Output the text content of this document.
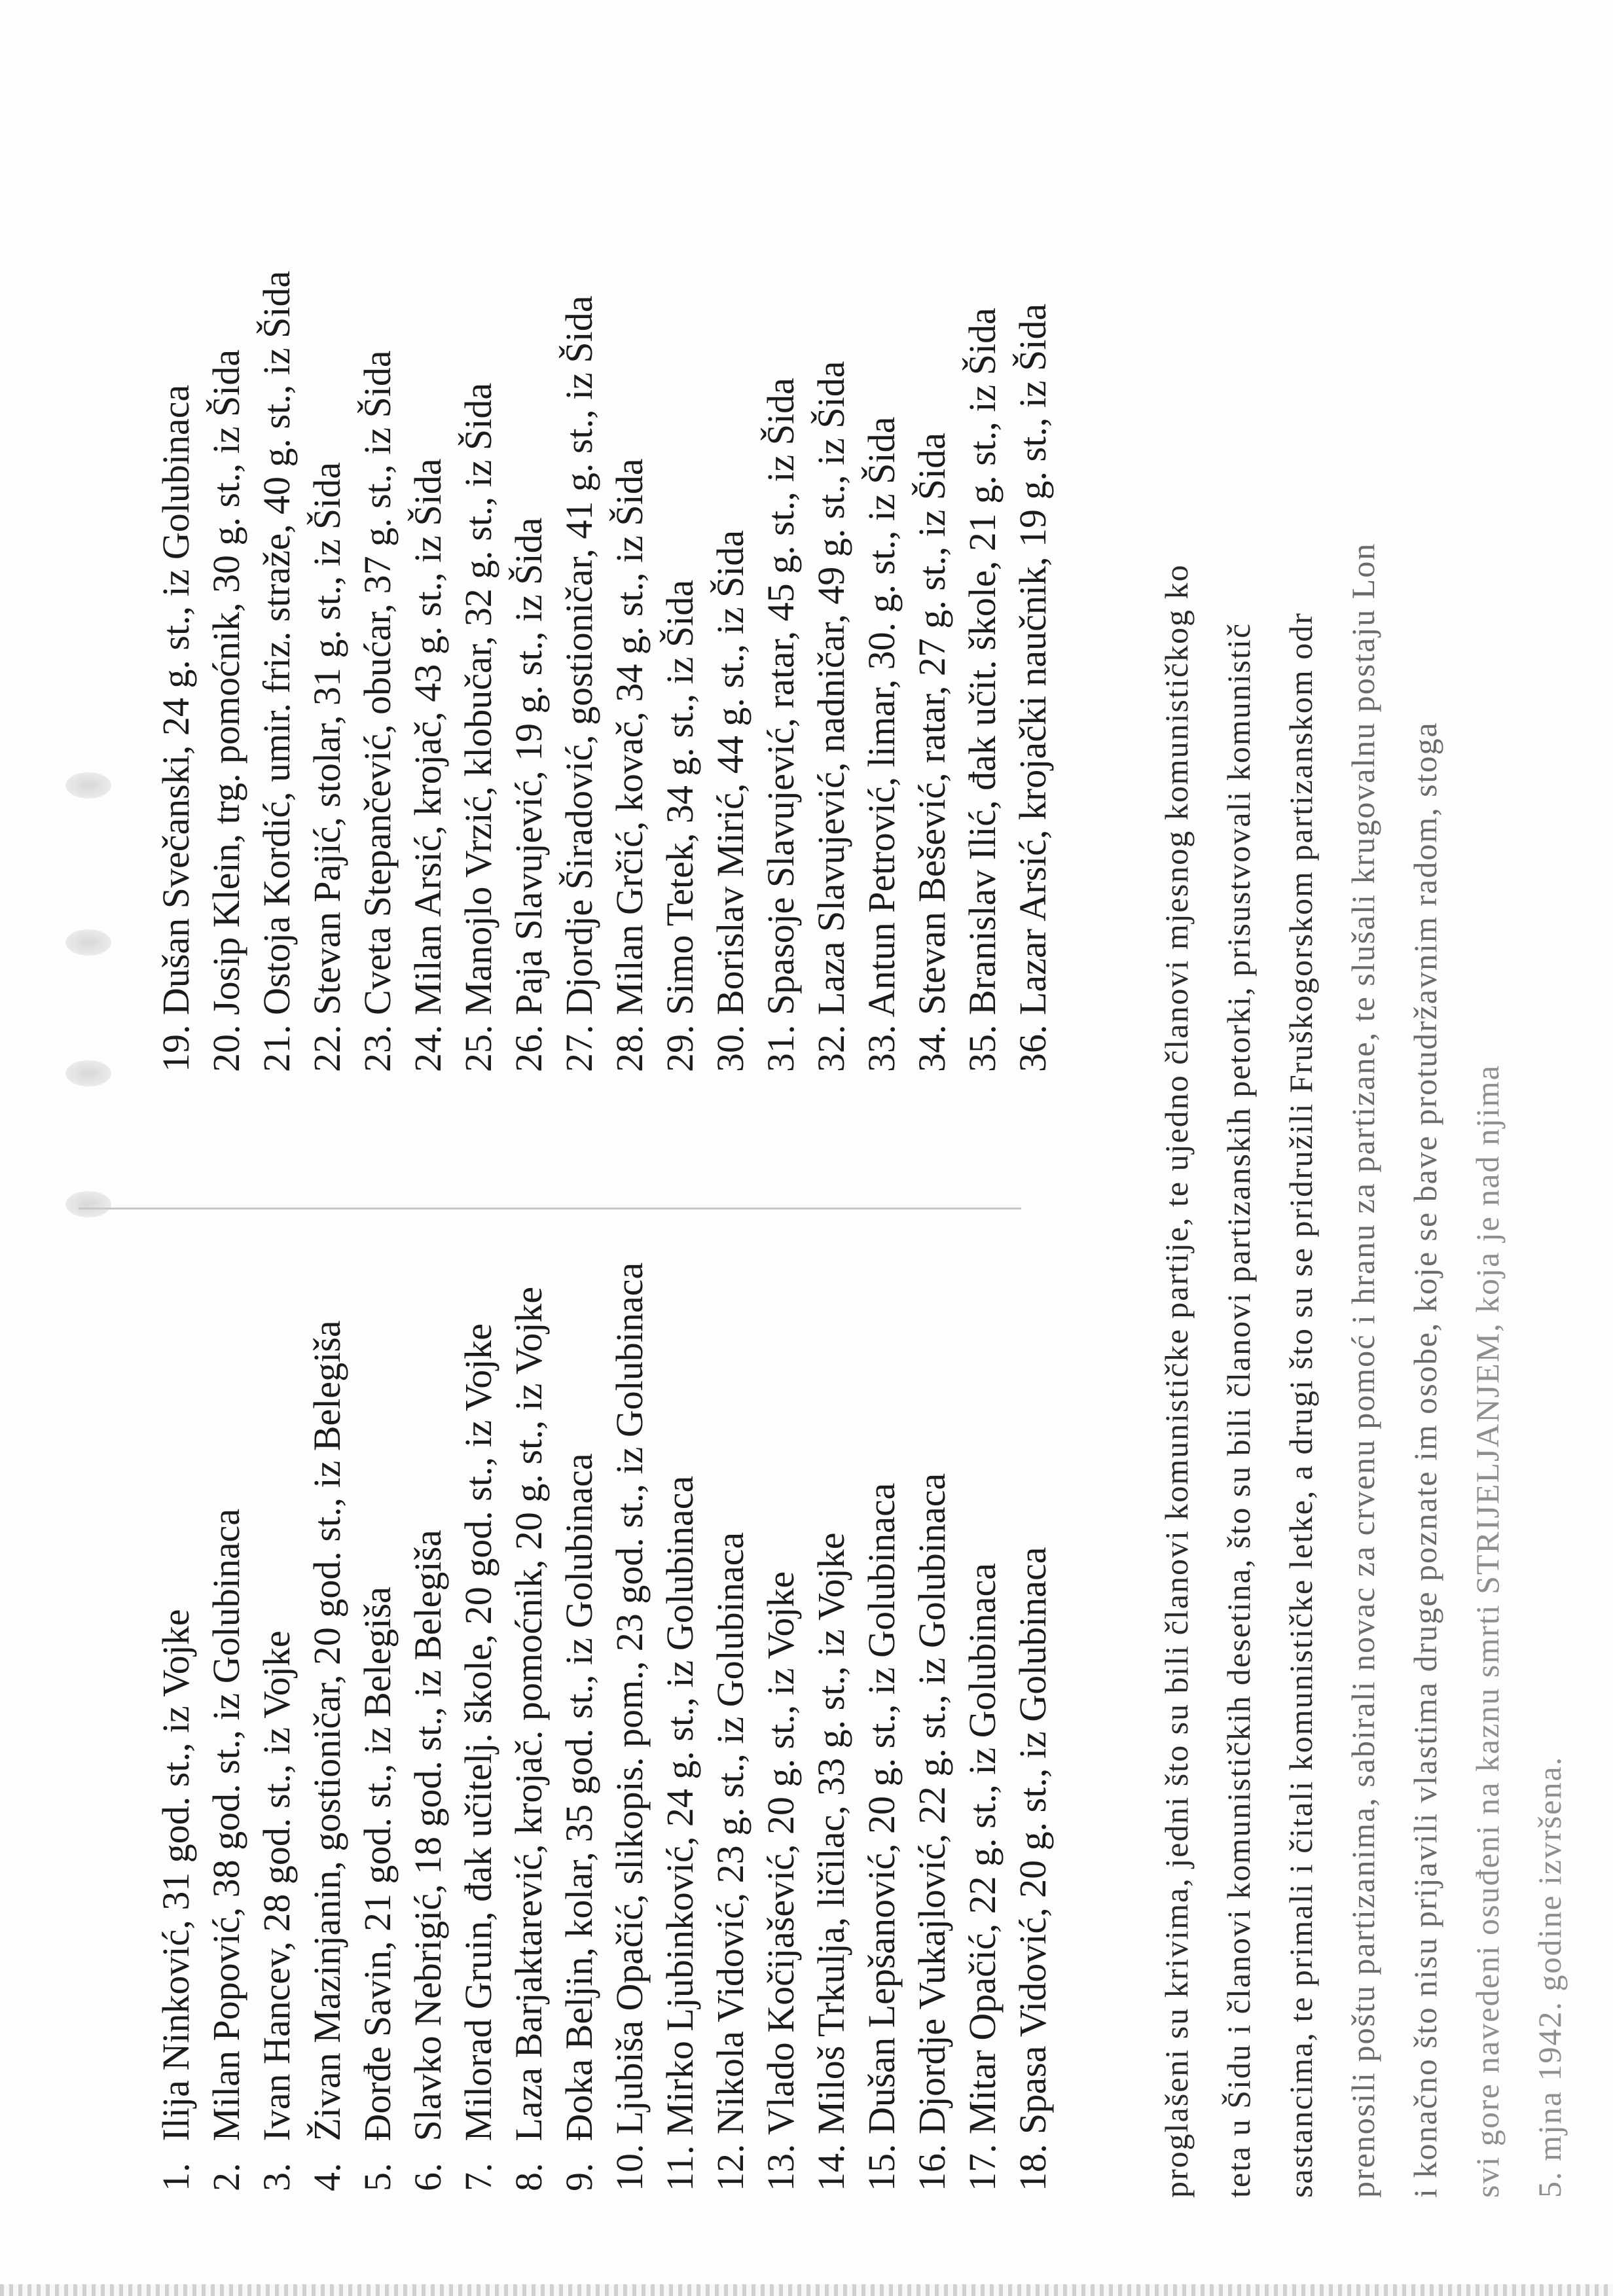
1. Ilija Ninković, 31 god. st., iz Vojke
2. Milan Popović, 38 god. st., iz Golubinaca
3. Ivan Hancev, 28 god. st., iz Vojke
4. Živan Mazinjanin, gostioničar, 20 god. st., iz Belegiša
5. Đorđe Savin, 21 god. st., iz Belegiša
6. Slavko Nebrigić, 18 god. st., iz Belegiša
7. Milorad Gruin, đak učitelj. škole, 20 god. st., iz Vojke
8. Laza Barjaktarević, krojač. pomoćnik, 20 g. st., iz Vojke
9. Đoka Beljin, kolar, 35 god. st., iz Golubinaca
10. Ljubiša Opačić, slikopis. pom., 23 god. st., iz Golubinaca
11. Mirko Ljubinković, 24 g. st., iz Golubinaca
12. Nikola Vidović, 23 g. st., iz Golubinaca
13. Vlado Kočijašević, 20 g. st., iz Vojke
14. Miloš Trkulja, ličilac, 33 g. st., iz Vojke
15. Dušan Lepšanović, 20 g. st., iz Golubinaca
16. Djordje Vukajlović, 22 g. st., iz Golubinaca
17. Mitar Opačić, 22 g. st., iz Golubinaca
18. Spasa Vidović, 20 g. st., iz Golubinaca
19. Dušan Svečanski, 24 g. st., iz Golubinaca
20. Josip Klein, trg. pomoćnik, 30 g. st., iz Šida
21. Ostoja Kordić, umir. friz. straže, 40 g. st., iz Šida
22. Stevan Pajić, stolar, 31 g. st., iz Šida
23. Cveta Stepančević, obućar, 37 g. st., iz Šida
24. Milan Arsić, krojač, 43 g. st., iz Šida
25. Manojlo Vrzić, klobučar, 32 g. st., iz Šida
26. Paja Slavujević, 19 g. st., iz Šida
27. Djordje Širadović, gostioničar, 41 g. st., iz Šida
28. Milan Grčić, kovač, 34 g. st., iz Šida
29. Simo Tetek, 34 g. st., iz Šida
30. Borislav Mirić, 44 g. st., iz Šida
31. Spasoje Slavujević, ratar, 45 g. st., iz Šida
32. Laza Slavujević, nadničar, 49 g. st., iz Šida
33. Antun Petrović, limar, 30. g. st., iz Šida
34. Stevan Bešević, ratar, 27 g. st., iz Šida
35. Branislav Ilić, đak učit. škole, 21 g. st., iz Šida
36. Lazar Arsić, krojački naučnik, 19 g. st., iz Šida	proglašeni su krivima, jedni što su bili članovi komunističke partije, te ujedno članovi mjesnog komunističkog ko teta u Šidu i članovi komunističkih desetina, što su bili članovi partizanskih petorki, prisustvovali komunistič sastancima, te primali i čitali komunističke letke, a drugi što su se pridružili Fruškogorskom partizanskom odr prenosili poštu partizanima, sabirali novac za crvenu pomoć i hranu za partizane, te slušali krugovalnu postaju Lon i konačno što nisu prijavili vlastima druge poznate im osobe, koje se bave protudržavnim radom, stoga svi gore navedeni osuđeni na kaznu smrti STRIJELJANJEM, koja je nad njima 5. mjna 1942. godine izvršena.
